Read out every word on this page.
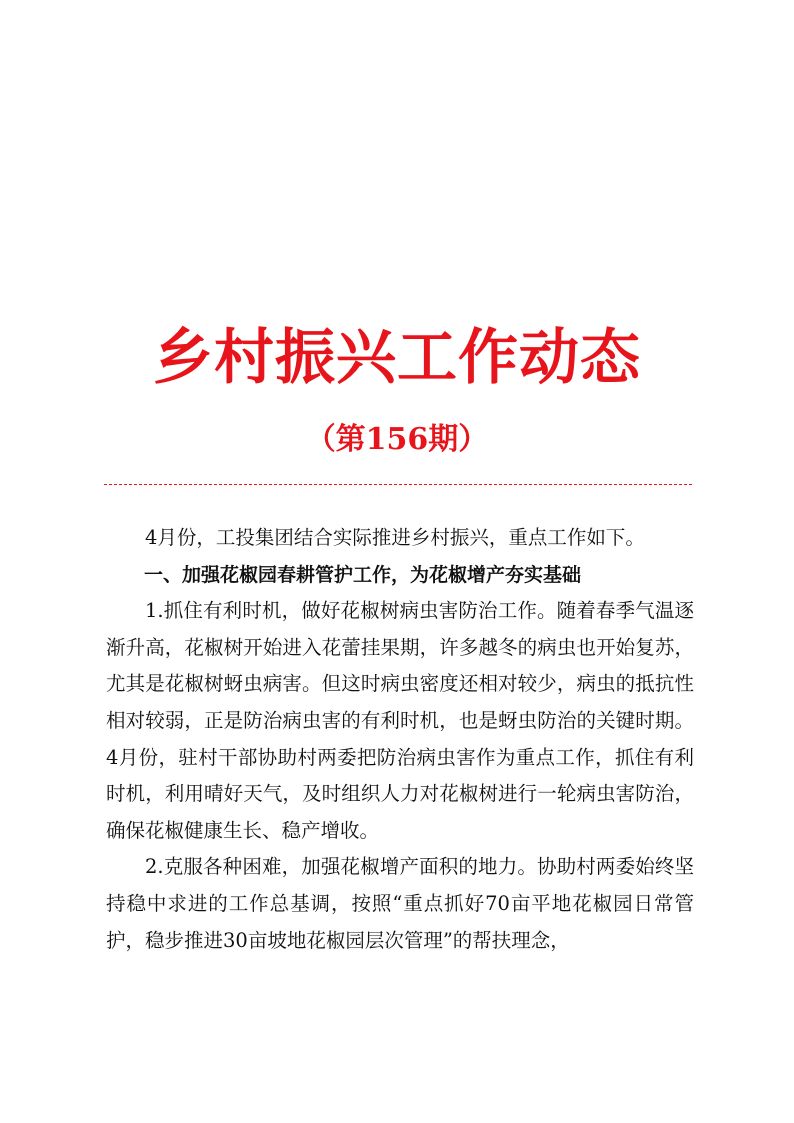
乡村振兴工作动态
（第156期）

4月份，工投集团结合实际推进乡村振兴，重点工作如下。

一、加强花椒园春耕管护工作，为花椒增产夯实基础

1.抓住有利时机，做好花椒树病虫害防治工作。随着春季气温逐渐升高，花椒树开始进入花蕾挂果期，许多越冬的病虫也开始复苏，尤其是花椒树蚜虫病害。但这时病虫密度还相对较少，病虫的抵抗性相对较弱，正是防治病虫害的有利时机，也是蚜虫防治的关键时期。4月份，驻村干部协助村两委把防治病虫害作为重点工作，抓住有利时机，利用晴好天气，及时组织人力对花椒树进行一轮病虫害防治，确保花椒健康生长、稳产增收。

2.克服各种困难，加强花椒增产面积的地力。协助村两委始终坚持稳中求进的工作总基调，按照“重点抓好70亩平地花椒园日常管护，稳步推进30亩坡地花椒园层次管理”的帮扶理念，
